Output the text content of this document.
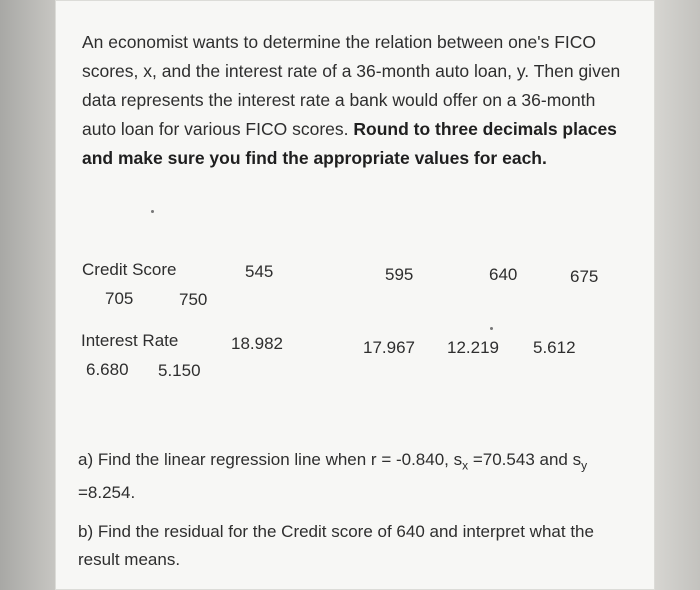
An economist wants to determine the relation between one's FICO scores, x, and the interest rate of a 36-month auto loan, y. Then given data represents the interest rate a bank would offer on a 36-month auto loan for various FICO scores. Round to three decimals places and make sure you find the appropriate values for each.
Credit Score	545	595	640	675
705	750
Interest Rate	18.982	17.967 12.219 5.612
6.680 5.150
a) Find the linear regression line when r = -0.840, $s_x =70.543$ and $s_y =8.254$.
b) Find the residual for the Credit score of 640 and interpret what the result means.
